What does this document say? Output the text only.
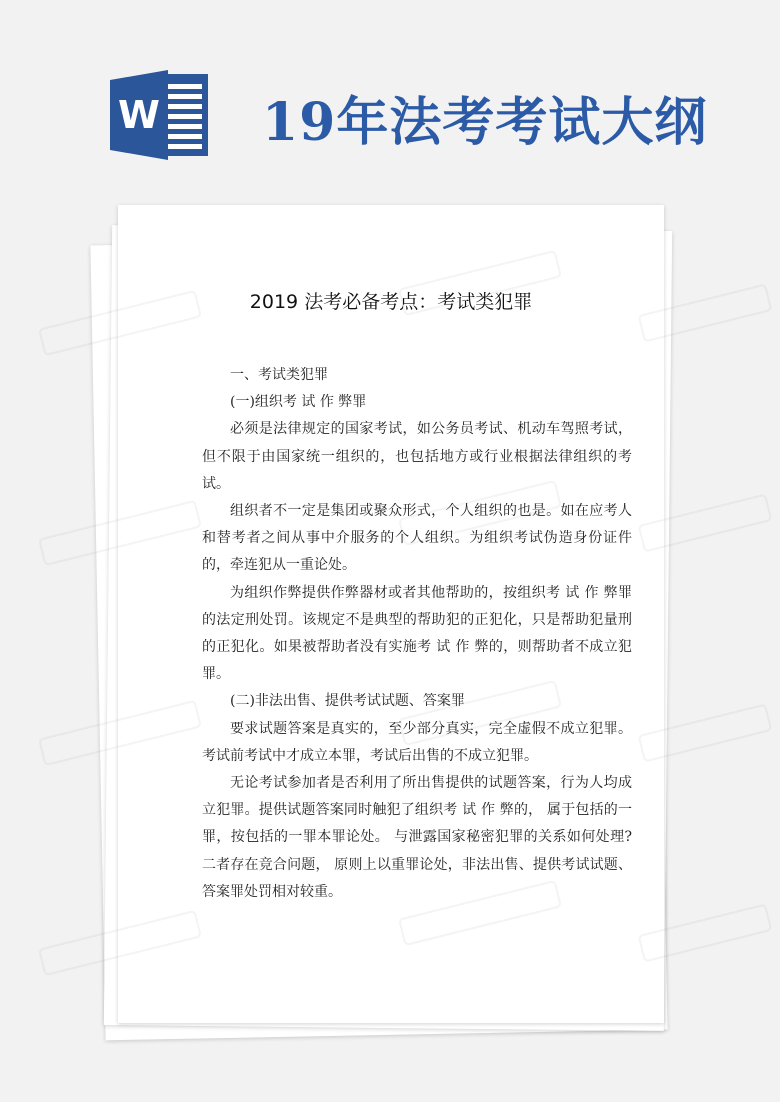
W 19年法考考试大纲
2019 法考必备考点：考试类犯罪

一、考试类犯罪

(一)组织考 试 作 弊罪

必须是法律规定的国家考试，如公务员考试、机动车驾照考试，但不限于由国家统一组织的，也包括地方或行业根据法律组织的考试。

组织者不一定是集团或聚众形式，个人组织的也是。如在应考人和替考者之间从事中介服务的个人组织。为组织考试伪造身份证件的，牵连犯从一重论处。

为组织作弊提供作弊器材或者其他帮助的，按组织考 试 作 弊罪的法定刑处罚。该规定不是典型的帮助犯的正犯化，只是帮助犯量刑的正犯化。如果被帮助者没有实施考 试 作 弊的，则帮助者不成立犯罪。

(二)非法出售、提供考试试题、答案罪

要求试题答案是真实的，至少部分真实，完全虚假不成立犯罪。考试前考试中才成立本罪，考试后出售的不成立犯罪。

无论考试参加者是否利用了所出售提供的试题答案，行为人均成立犯罪。提供试题答案同时触犯了组织考 试 作 弊的， 属于包括的一罪，按包括的一罪本罪论处。 与泄露国家秘密犯罪的关系如何处理?二者存在竞合问题， 原则上以重罪论处，非法出售、提供考试试题、答案罪处罚相对较重。
